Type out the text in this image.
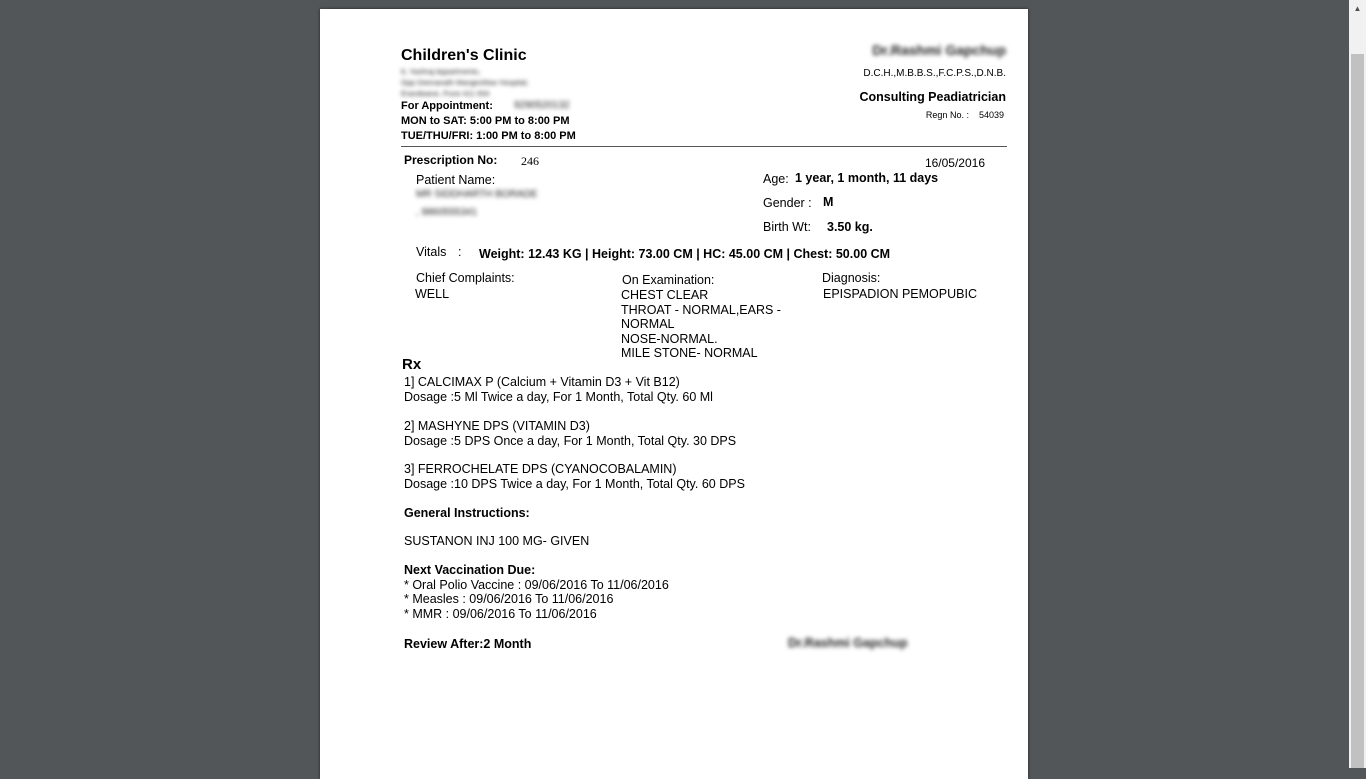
Children's Clinic
6, Yashraj Appartments,
Opp Deenanath Mangeshkar Hospital,
Erandwane, Pune 411 004
For Appointment: 9290520132
MON to SAT: 5:00 PM to 8:00 PM
TUE/THU/FRI: 1:00 PM to 8:00 PM
Dr.Rashmi Gapchup
D.C.H.,M.B.B.S.,F.C.P.S.,D.N.B.
Consulting Peadiatrician
Regn No. : 54039
Prescription No: 246	16/05/2016
Patient Name:
MR SIDDHARTH BORADE
, 9860555341
Age: 1 year, 1 month, 11 days
Gender : M
Birth Wt: 3.50 kg.
Vitals : Weight: 12.43 KG | Height: 73.00 CM | HC: 45.00 CM | Chest: 50.00 CM
Chief Complaints:
WELL
On Examination:
CHEST CLEAR
THROAT - NORMAL,EARS -
NORMAL
NOSE-NORMAL.
MILE STONE- NORMAL
Diagnosis:
EPISPADION PEMOPUBIC
Rx
1] CALCIMAX P (Calcium + Vitamin D3 + Vit B12)
Dosage :5 Ml Twice a day, For 1 Month, Total Qty. 60 Ml
2] MASHYNE DPS (VITAMIN D3)
Dosage :5 DPS Once a day, For 1 Month, Total Qty. 30 DPS
3] FERROCHELATE DPS (CYANOCOBALAMIN)
Dosage :10 DPS Twice a day, For 1 Month, Total Qty. 60 DPS
General Instructions:
SUSTANON INJ 100 MG- GIVEN
Next Vaccination Due:
* Oral Polio Vaccine : 09/06/2016 To 11/06/2016
* Measles : 09/06/2016 To 11/06/2016
* MMR : 09/06/2016 To 11/06/2016
Review After:2 Month	Dr.Rashmi Gapchup
▲
